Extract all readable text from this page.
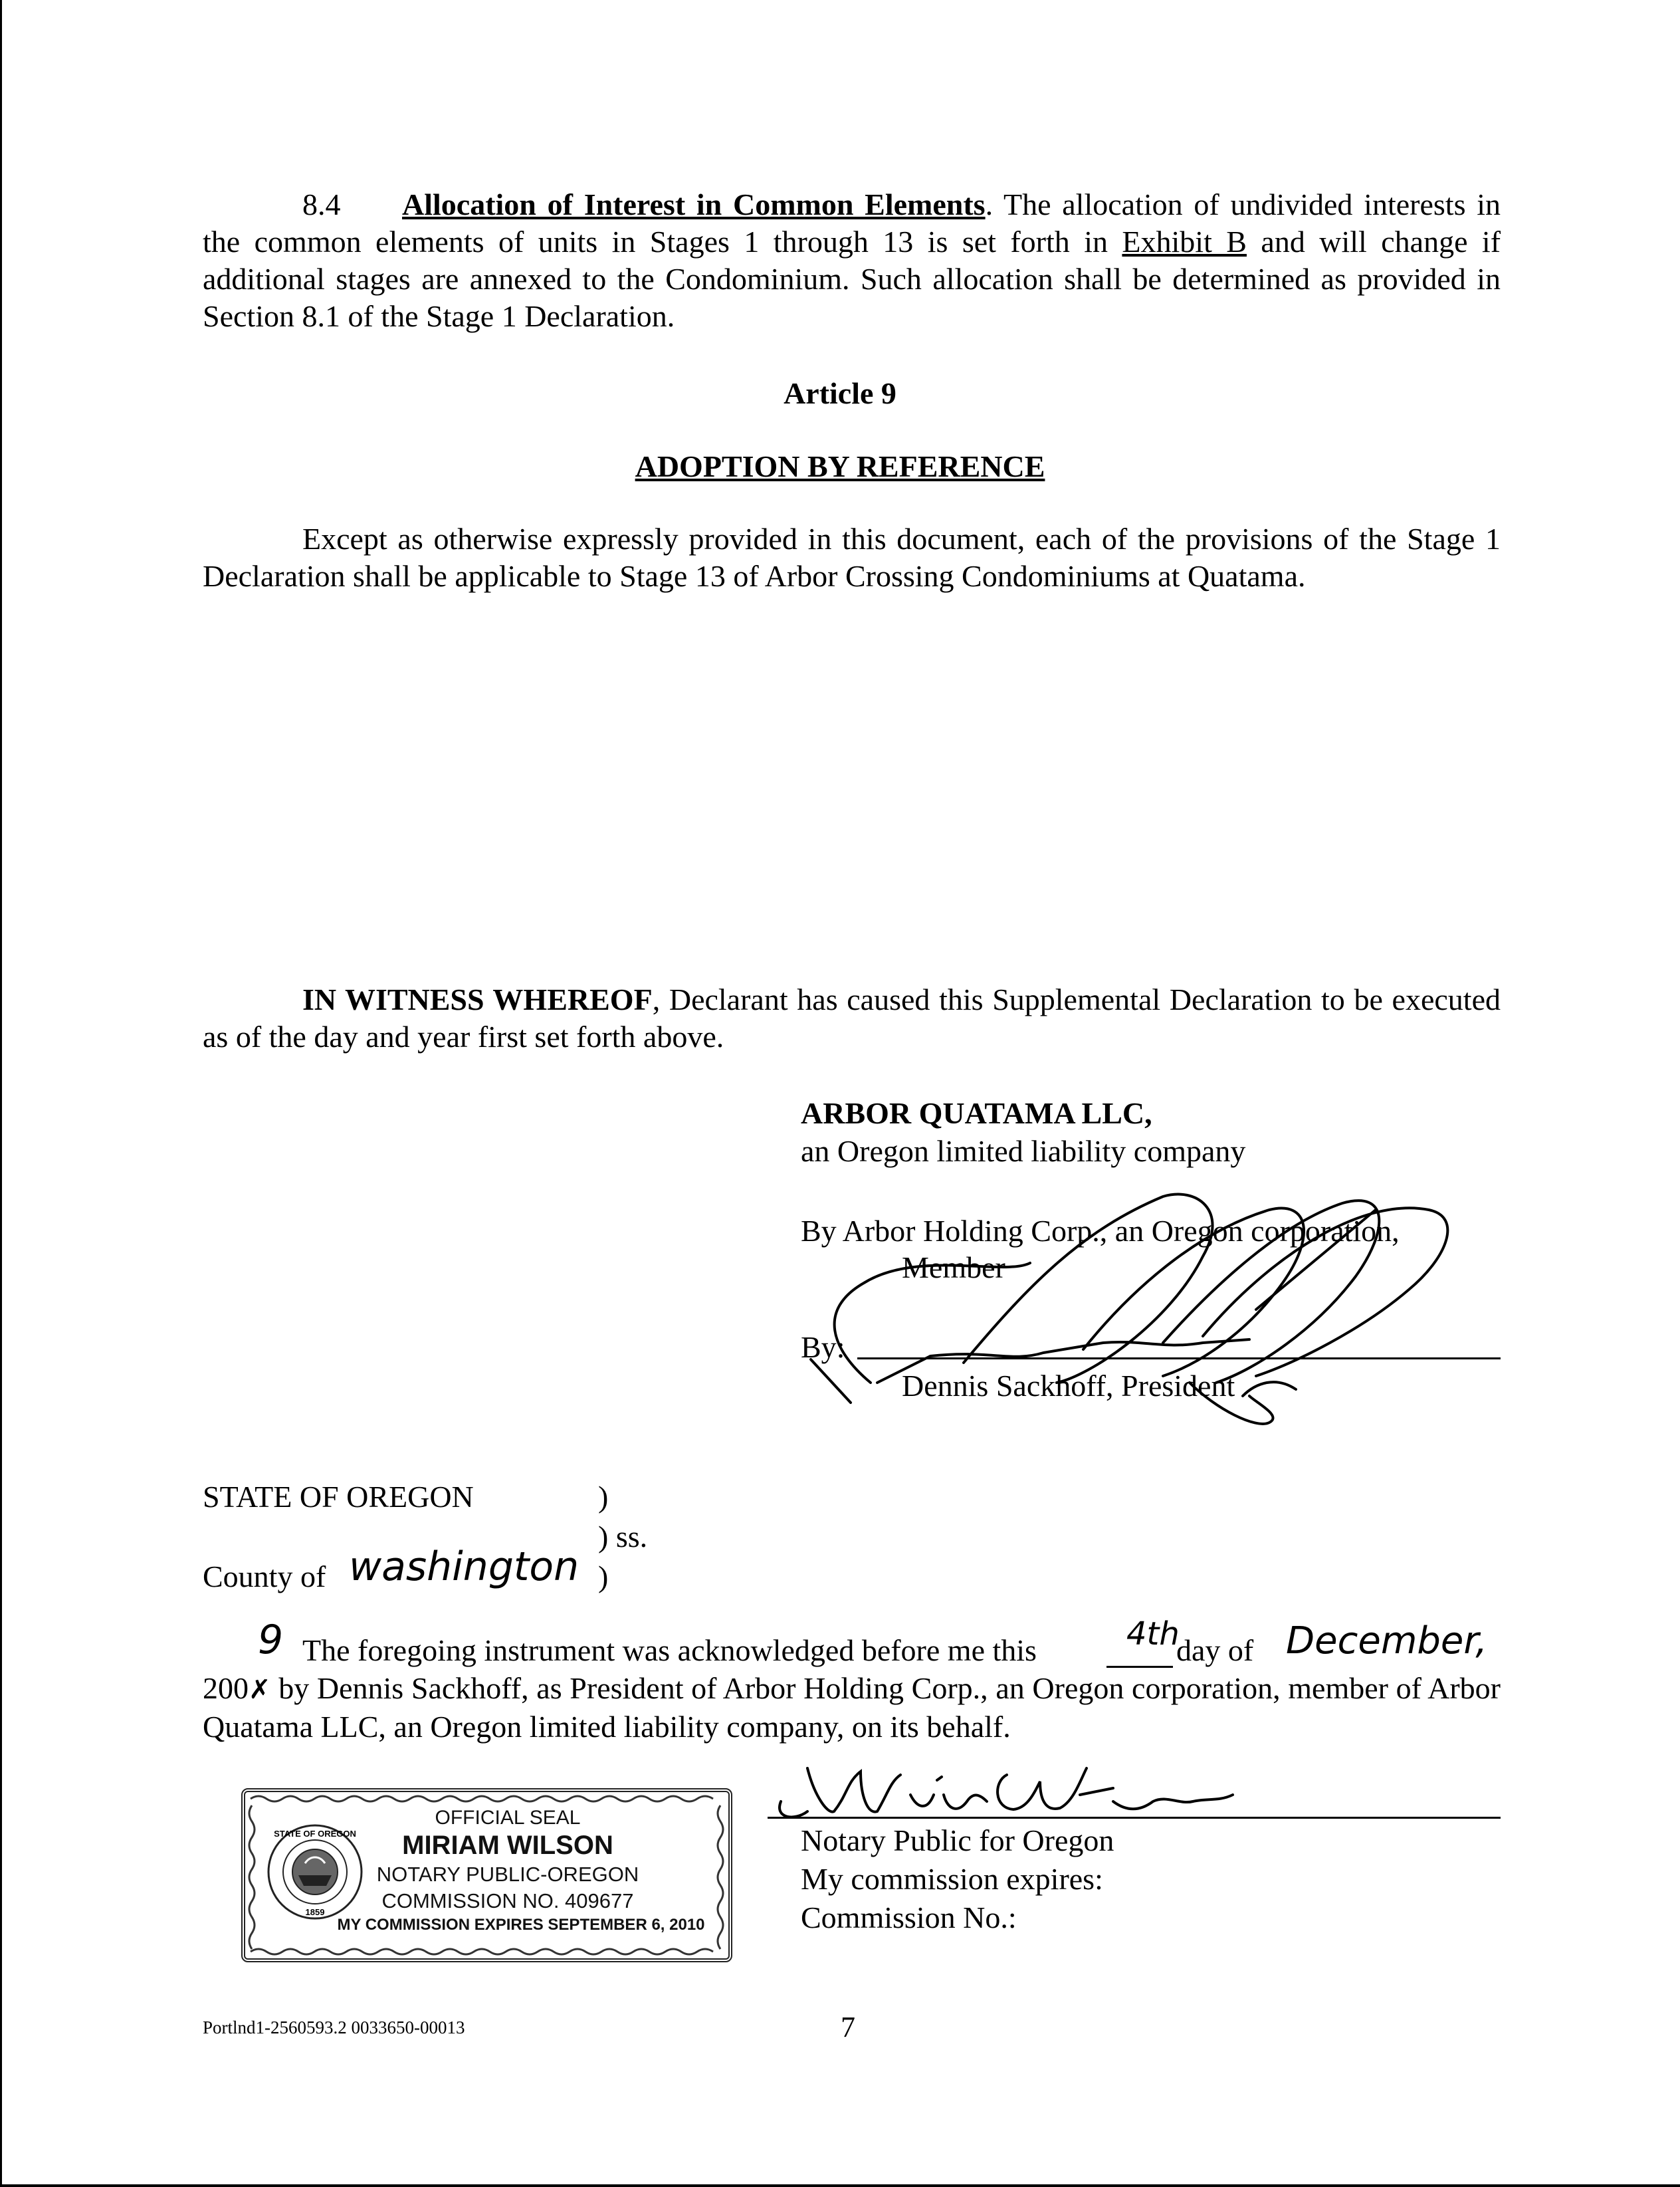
8.4 Allocation of Interest in Common Elements. The allocation of undivided interests in the common elements of units in Stages 1 through 13 is set forth in Exhibit B and will change if additional stages are annexed to the Condominium. Such allocation shall be determined as provided in Section 8.1 of the Stage 1 Declaration.
Article 9
ADOPTION BY REFERENCE
Except as otherwise expressly provided in this document, each of the provisions of the Stage 1 Declaration shall be applicable to Stage 13 of Arbor Crossing Condominiums at Quatama.
IN WITNESS WHEREOF, Declarant has caused this Supplemental Declaration to be executed as of the day and year first set forth above.
ARBOR QUATAMA LLC,
an Oregon limited liability company
By Arbor Holding Corp., an Oregon corporation,
Member
By:
Dennis Sackhoff, President
STATE OF OREGON	)
) ss.
County of washington )
9 The foregoing instrument was acknowledged before me this	4th
day of December,
200✗ by Dennis Sackhoff, as President of Arbor Holding Corp., an Oregon corporation, member of Arbor Quatama LLC, an Oregon limited liability company, on its behalf.
STATE OF OREGON
1859
OFFICIAL SEAL
MIRIAM WILSON
NOTARY PUBLIC-OREGON
COMMISSION NO. 409677
MY COMMISSION EXPIRES SEPTEMBER 6, 2010
Notary Public for Oregon
My commission expires:
Commission No.:
Portlnd1-2560593.2 0033650-00013	7
